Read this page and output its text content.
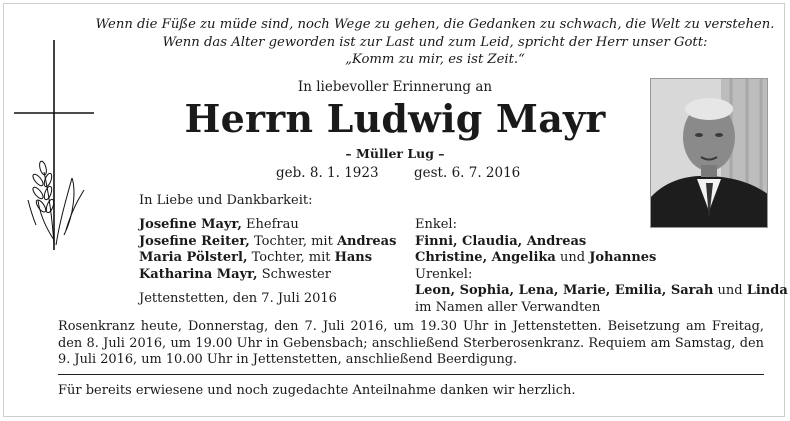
Wenn die Füße zu müde sind, noch Wege zu gehen, die Gedanken zu schwach, die Welt zu verstehen.
Wenn das Alter geworden ist zur Last und zum Leid, spricht der Herr unser Gott:
„Komm zu mir, es ist Zeit.“
In liebevoller Erinnerung an
Herrn Ludwig Mayr
– Müller Lug –
geb. 8. 1. 1923	gest. 6. 7. 2016
In Liebe und Dankbarkeit:
Josefine Mayr, Ehefrau
Josefine Reiter, Tochter, mit Andreas
Maria Pölsterl, Tochter, mit Hans
Katharina Mayr, Schwester
Jettenstetten, den 7. Juli 2016
Enkel:
Finni, Claudia, Andreas
Christine, Angelika und Johannes
Urenkel:
Leon, Sophia, Lena, Marie, Emilia, Sarah und Linda
im Namen aller Verwandten
Rosenkranz heute, Donnerstag, den 7. Juli 2016, um 19.30 Uhr in Jettenstetten. Beisetzung am Freitag, den 8. Juli 2016, um 19.00 Uhr in Gebensbach; anschließend Sterberosenkranz. Requiem am Samstag, den 9. Juli 2016, um 10.00 Uhr in Jettenstetten, anschließend Beerdigung.
Für bereits erwiesene und noch zugedachte Anteilnahme danken wir herzlich.
